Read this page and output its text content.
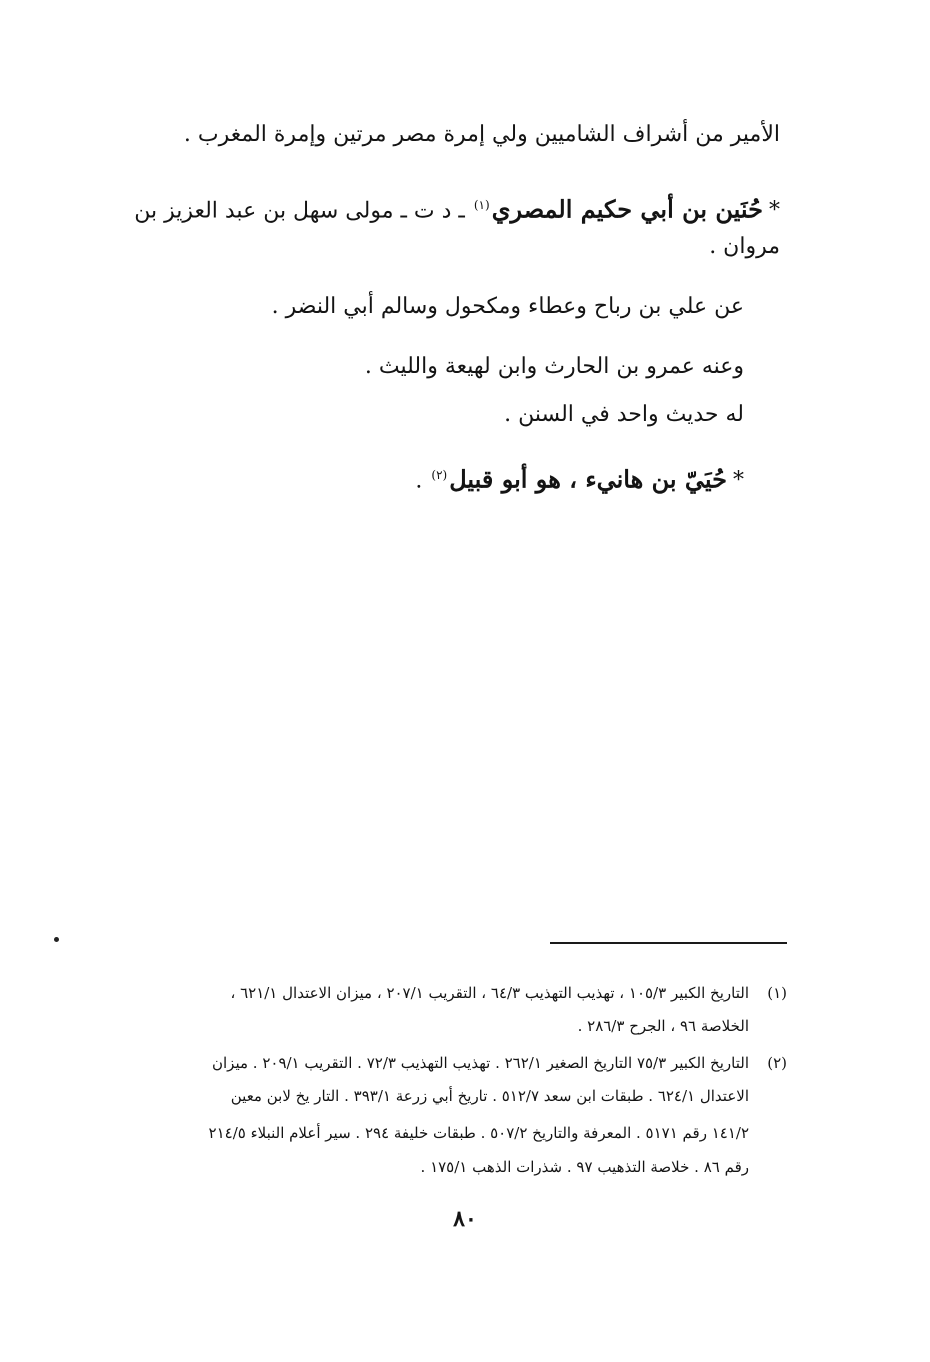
الأمير من أشراف الشاميين ولي إمرة مصر مرتين وإمرة المغرب .
*حُنَين بن أبي حكيم المصري$^{(١)}$ ـ د ت ـ مولى سهل بن عبد العزيز بن
مروان .
عن علي بن رباح وعطاء ومكحول وسالم أبي النضر .
وعنه عمرو بن الحارث وابن لهيعة والليث .
له حديث واحد في السنن .
*حُيَيّ بن هانيء ، هو أبو قبيل$^{(٢)}$ .
(١)
التاريخ الكبير ١٠٥/٣ ، تهذيب التهذيب ٦٤/٣ ، التقريب ٢٠٧/١ ، ميزان الاعتدال ٦٢١/١ ،
الخلاصة ٩٦ ، الجرح ٢٨٦/٣ .
(٢)
التاريخ الكبير ٧٥/٣ التاريخ الصغير ٢٦٢/١ . تهذيب التهذيب ٧٢/٣ . التقريب ٢٠٩/١ . ميزان
الاعتدال ٦٢٤/١ . طبقات ابن سعد ٥١٢/٧ . تاريخ أبي زرعة ٣٩٣/١ . التار يخ لابن معين
١٤١/٢ رقم ٥١٧١ . المعرفة والتاريخ ٥٠٧/٢ . طبقات خليفة ٢٩٤ . سير أعلام النبلاء ٢١٤/٥
رقم ٨٦ . خلاصة التذهيب ٩٧ . شذرات الذهب ١٧٥/١ .
٨٠
